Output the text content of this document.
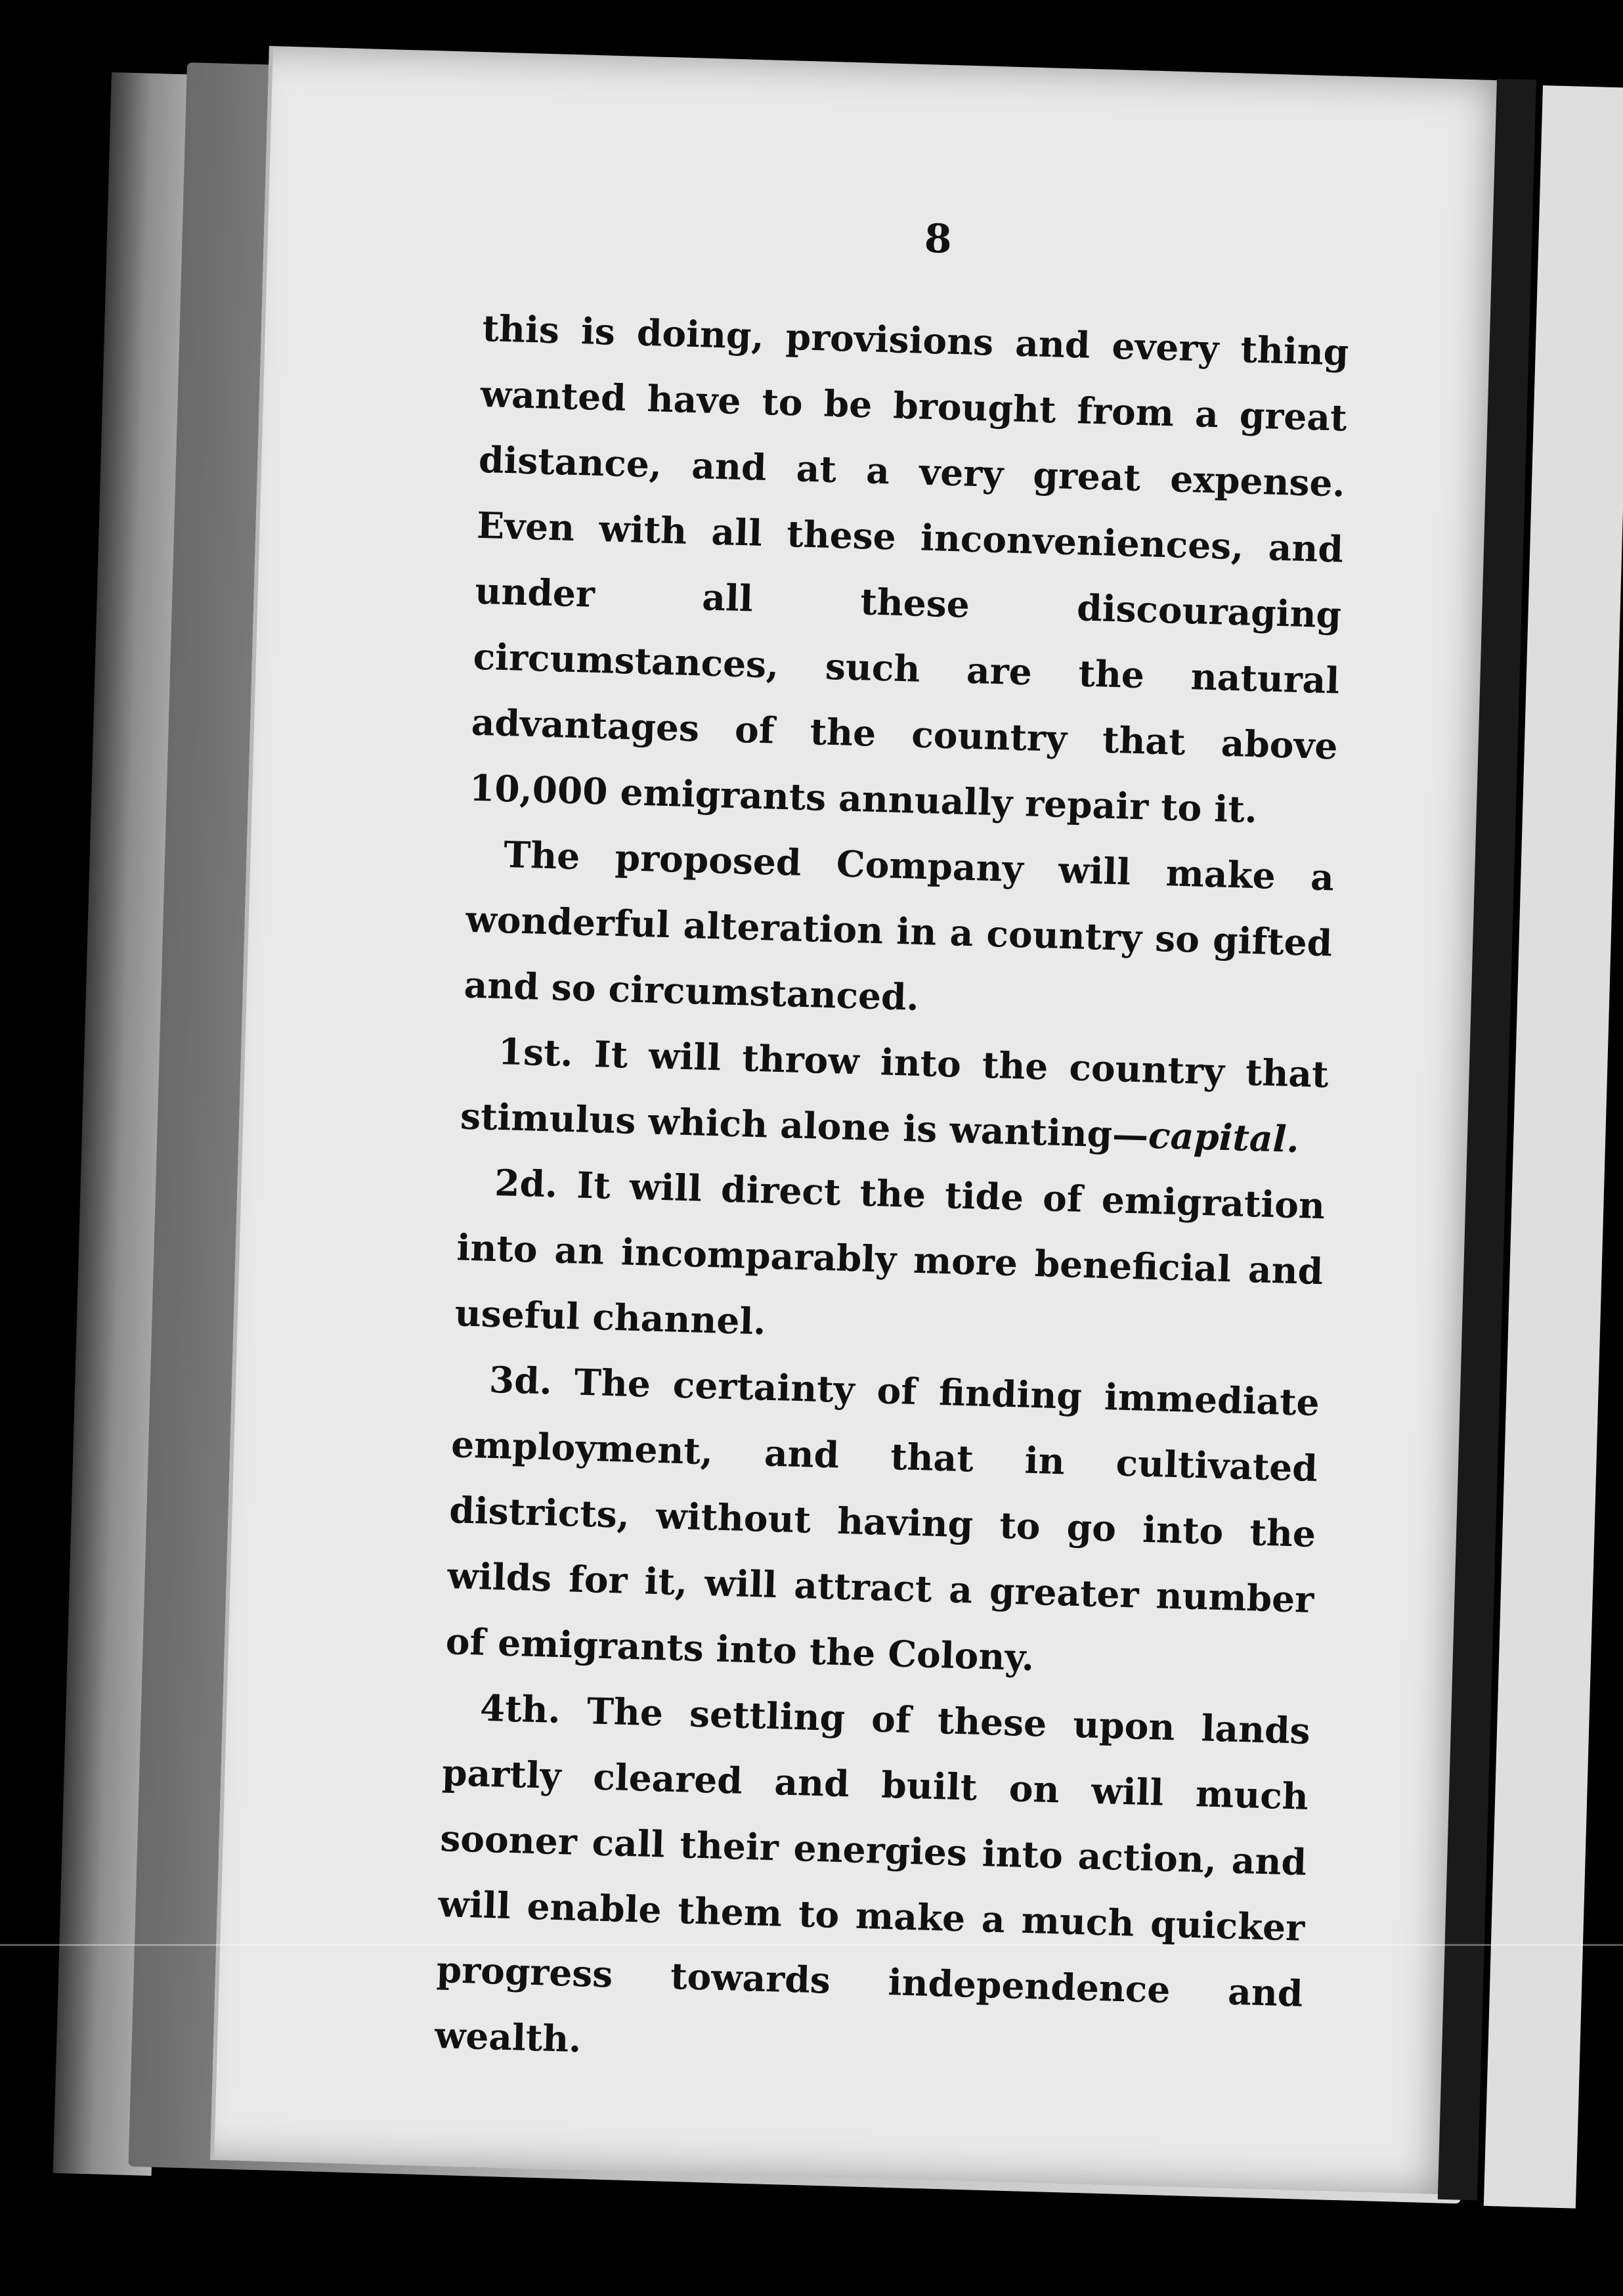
8

this is doing, provisions and every thing wanted have to be brought from a great distance, and at a very great expense. Even with all these inconveniences, and under all these discouraging circumstances, such are the natural advantages of the country that above 10,000 emigrants annually repair to it.

The proposed Company will make a wonderful alteration in a country so gifted and so circumstanced.

1st. It will throw into the country that stimulus which alone is wanting—capital.

2d. It will direct the tide of emigration into an incomparably more beneficial and useful channel.

3d. The certainty of finding immediate employment, and that in cultivated districts, without having to go into the wilds for it, will attract a greater number of emigrants into the Colony.

4th. The settling of these upon lands partly cleared and built on will much sooner call their energies into action, and will enable them to make a much quicker progress towards independence and wealth.
